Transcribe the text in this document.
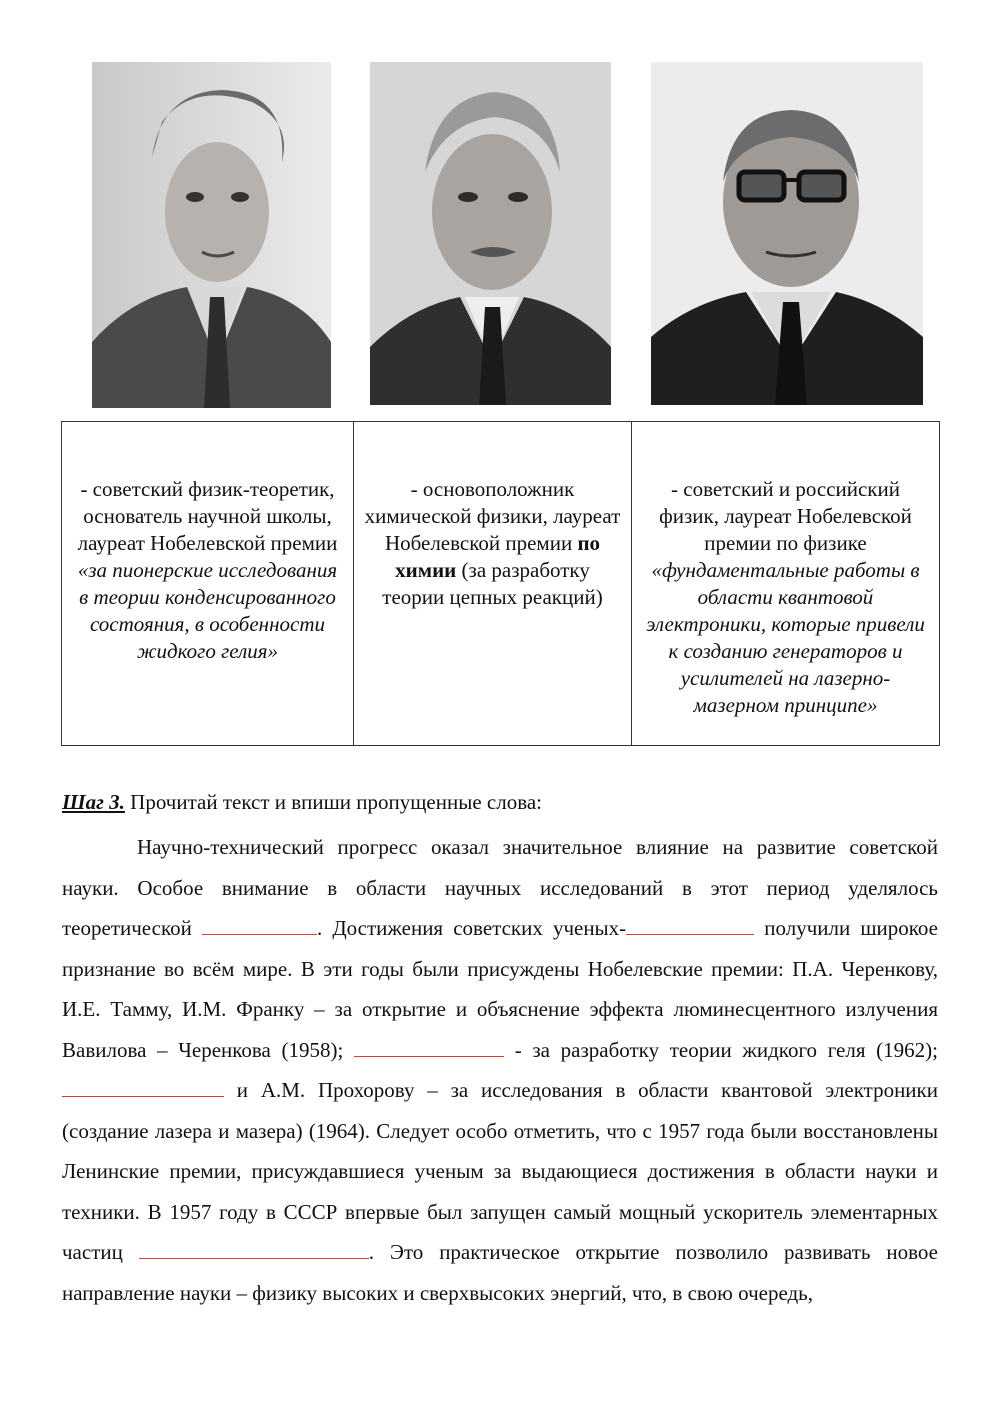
- советский физик-теоретик, основатель научной школы, лауреат Нобелевской премии «за пионерские исследования в теории конденсированного состояния, в особенности жидкого гелия»	- основоположник химической физики, лауреат Нобелевской премии по химии (за разработку теории цепных реакций)	- советский и российский физик, лауреат Нобелевской премии по физике «фундаментальные работы в области квантовой электроники, которые привели к созданию генераторов и усилителей на лазерно-мазерном принципе»
Шаг 3. Прочитай текст и впиши пропущенные слова:

Научно-технический прогресс оказал значительное влияние на развитие советской науки. Особое внимание в области научных исследований в этот период уделялось теоретической	. Достижения советских ученых-	получили широкое признание во всём мире. В эти годы были присуждены Нобелевские премии: П.А. Черенкову, И.Е. Тамму, И.М. Франку – за открытие и объяснение эффекта люминесцентного излучения Вавилова – Черенкова (1958);	- за разработку теории жидкого геля (1962);  и А.М. Прохорову – за исследования в области квантовой электроники (создание лазера и мазера) (1964). Следует особо отметить, что с 1957 года были восстановлены Ленинские премии, присуждавшиеся ученым за выдающиеся достижения в области науки и техники. В 1957 году в СССР впервые был запущен самый мощный ускоритель элементарных частиц	. Это практическое открытие позволило развивать новое направление науки – физику высоких и сверхвысоких энергий, что, в свою очередь,
